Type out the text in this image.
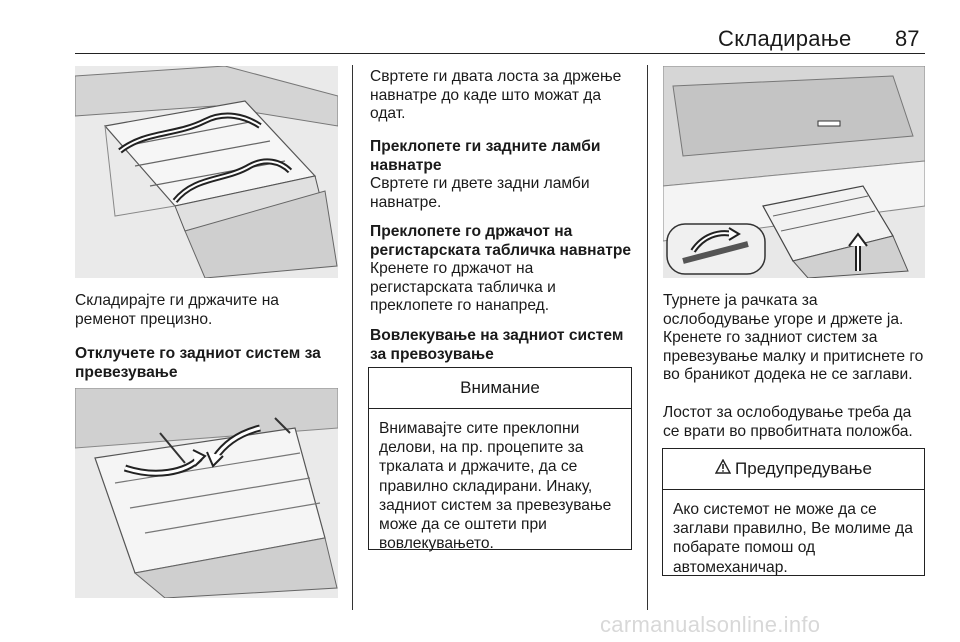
Складирање 87

Складирајте ги држачите на ременот прецизно.

Отклучете го задниот систем за превезување

Свртете ги двата лоста за држење навнатре до каде што можат да одат.

Преклопете ги задните ламби навнатре

Свртете ги двете задни ламби навнатре.

Преклопете го држачот на регистарската табличка навнатре

Кренете го држачот на регистарската табличка и преклопете го нанапред.

Вовлекување на задниот систем за превозување

Внимание
Внимавајте сите преклопни делови, на пр. процепите за тркалата и држачите, да се правилно складирани. Инаку, задниот систем за превезување може да се оштети при вовлекувањето.

Турнете ја рачката за ослободување угоре и држете ја. Кренете го задниот систем за превезување малку и притиснете го во браникот додека не се заглави.

Лостот за ослободување треба да се врати во првобитната положба.

Предупредување
Ако системот не може да се заглави правилно, Ве молиме да побарате помош од автомеханичар.
carmanualsonline.info
